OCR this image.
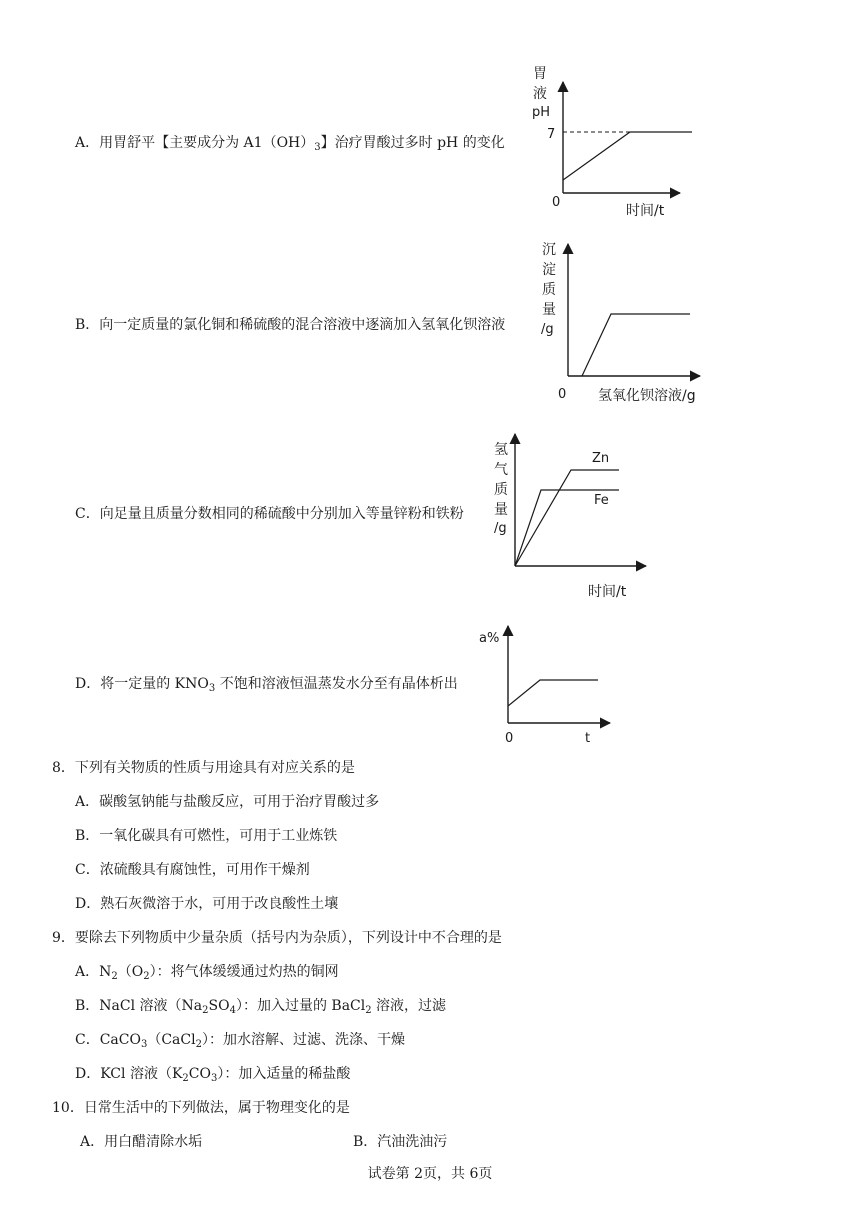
A．用胃舒平【主要成分为 $A1(OH)_3$】治疗胃酸过多时 pH 的变化
胃
液
pH
7
0
时间/t
B．向一定质量的氯化铜和稀硫酸的混合溶液中逐滴加入氢氧化钡溶液
沉
淀
质
量
/g
0 氢氧化钡溶液/g
C．向足量且质量分数相同的稀硫酸中分别加入等量锌粉和铁粉
氢
气
质
量
/g
Zn
Fe
时间/t
D．将一定量的 $KNO_3$ 不饱和溶液恒温蒸发水分至有晶体析出
a%
0	t
8．下列有关物质的性质与用途具有对应关系的是
A．碳酸氢钠能与盐酸反应，可用于治疗胃酸过多
B．一氧化碳具有可燃性，可用于工业炼铁
C．浓硫酸具有腐蚀性，可用作干燥剂
D．熟石灰微溶于水，可用于改良酸性土壤
9．要除去下列物质中少量杂质（括号内为杂质），下列设计中不合理的是
A．$N_2(O_2)$：将气体缓缓通过灼热的铜网
B．NaCl 溶液$(Na_2SO_4)$：加入过量的 BaCl$_2$ 溶液，过滤
C．CaCO$_3$（CaCl$_2$）：加水溶解、过滤、洗涤、干燥
D．KCl 溶液$(K_2CO_3)$：加入适量的稀盐酸
10．日常生活中的下列做法，属于物理变化的是
A．用白醋清除水垢	B．汽油洗油污
试卷第 2页，共 6页
